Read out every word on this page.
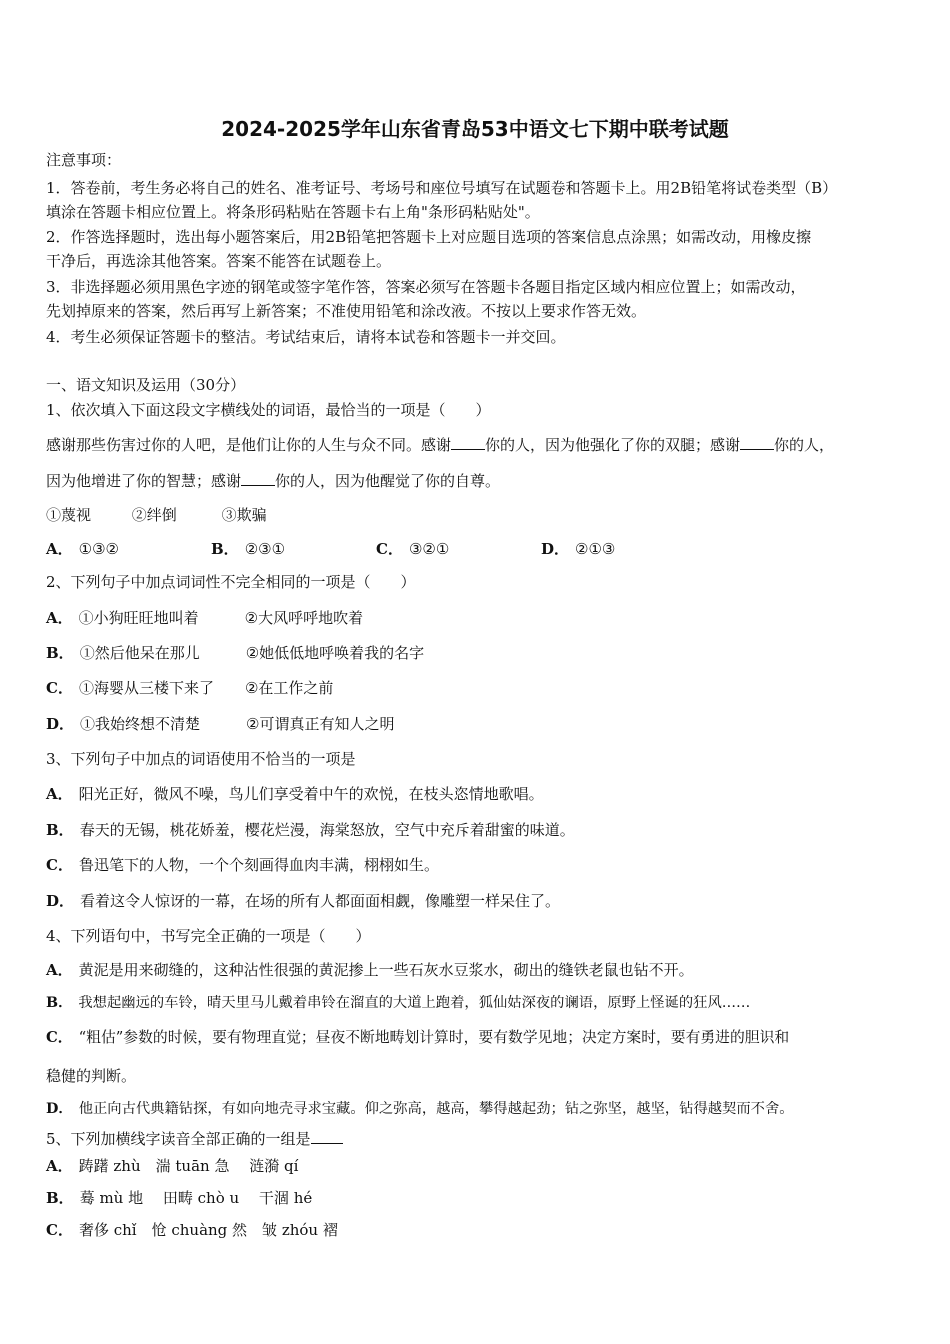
2024-2025学年山东省青岛53中语文七下期中联考试题
注意事项：
1．答卷前，考生务必将自己的姓名、准考证号、考场号和座位号填写在试题卷和答题卡上。用2B铅笔将试卷类型（B）
填涂在答题卡相应位置上。将条形码粘贴在答题卡右上角"条形码粘贴处"。
2．作答选择题时，选出每小题答案后，用2B铅笔把答题卡上对应题目选项的答案信息点涂黑；如需改动，用橡皮擦
干净后，再选涂其他答案。答案不能答在试题卷上。
3．非选择题必须用黑色字迹的钢笔或签字笔作答，答案必须写在答题卡各题目指定区域内相应位置上；如需改动，
先划掉原来的答案，然后再写上新答案；不准使用铅笔和涂改液。不按以上要求作答无效。
4．考生必须保证答题卡的整洁。考试结束后，请将本试卷和答题卡一并交回。
一、语文知识及运用（30分）
1、依次填入下面这段文字横线处的词语，最恰当的一项是（　　）
感谢那些伤害过你的人吧，是他们让你的人生与众不同。感谢 你的人，因为他强化了你的双腿；感谢 你的人，
因为他增进了你的智慧；感谢 你的人，因为他醒觉了你的自尊。
①蔑视	②绊倒	③欺骗
A． ①③②	B． ②③①	C． ③②①	D． ②①③
2、下列句子中加点词词性不完全相同的一项是（　　）
A． ①小狗旺旺地叫着	②大风呼呼地吹着
B． ①然后他呆在那儿	②她低低地呼唤着我的名字
C． ①海婴从三楼下来了 ②在工作之前
D． ①我始终想不清楚	②可谓真正有知人之明
3、下列句子中加点的词语使用不恰当的一项是
A． 阳光正好，微风不噪，鸟儿们享受着中午的欢悦，在枝头恣情地歌唱。
B． 春天的无锡，桃花娇羞，樱花烂漫，海棠怒放，空气中充斥着甜蜜的味道。
C． 鲁迅笔下的人物，一个个刻画得血肉丰满，栩栩如生。
D． 看着这令人惊讶的一幕，在场的所有人都面面相觑，像雕塑一样呆住了。
4、下列语句中，书写完全正确的一项是（　　）
A． 黄泥是用来砌缝的，这种沾性很强的黄泥掺上一些石灰水豆浆水，砌出的缝铁老鼠也钻不开。
B． 我想起幽远的车铃，晴天里马儿戴着串铃在溜直的大道上跑着，狐仙姑深夜的谰语，原野上怪诞的狂风……
C． “粗估”参数的时候，要有物理直觉；昼夜不断地畴划计算时，要有数学见地；决定方案时，要有勇进的胆识和
稳健的判断。
D． 他正向古代典籍钻探，有如向地壳寻求宝藏。仰之弥高，越高，攀得越起劲；钻之弥坚，越坚，钻得越契而不舍。
5、下列加横线字读音全部正确的一组是
A． 踌躇 zhù　湍 tuān 急　 涟漪 qí
B． 蓦 mù 地　 田畴 chò u　 干涸 hé
C． 奢侈 chǐ　怆 chuàng 然　皱 zhóu 褶
